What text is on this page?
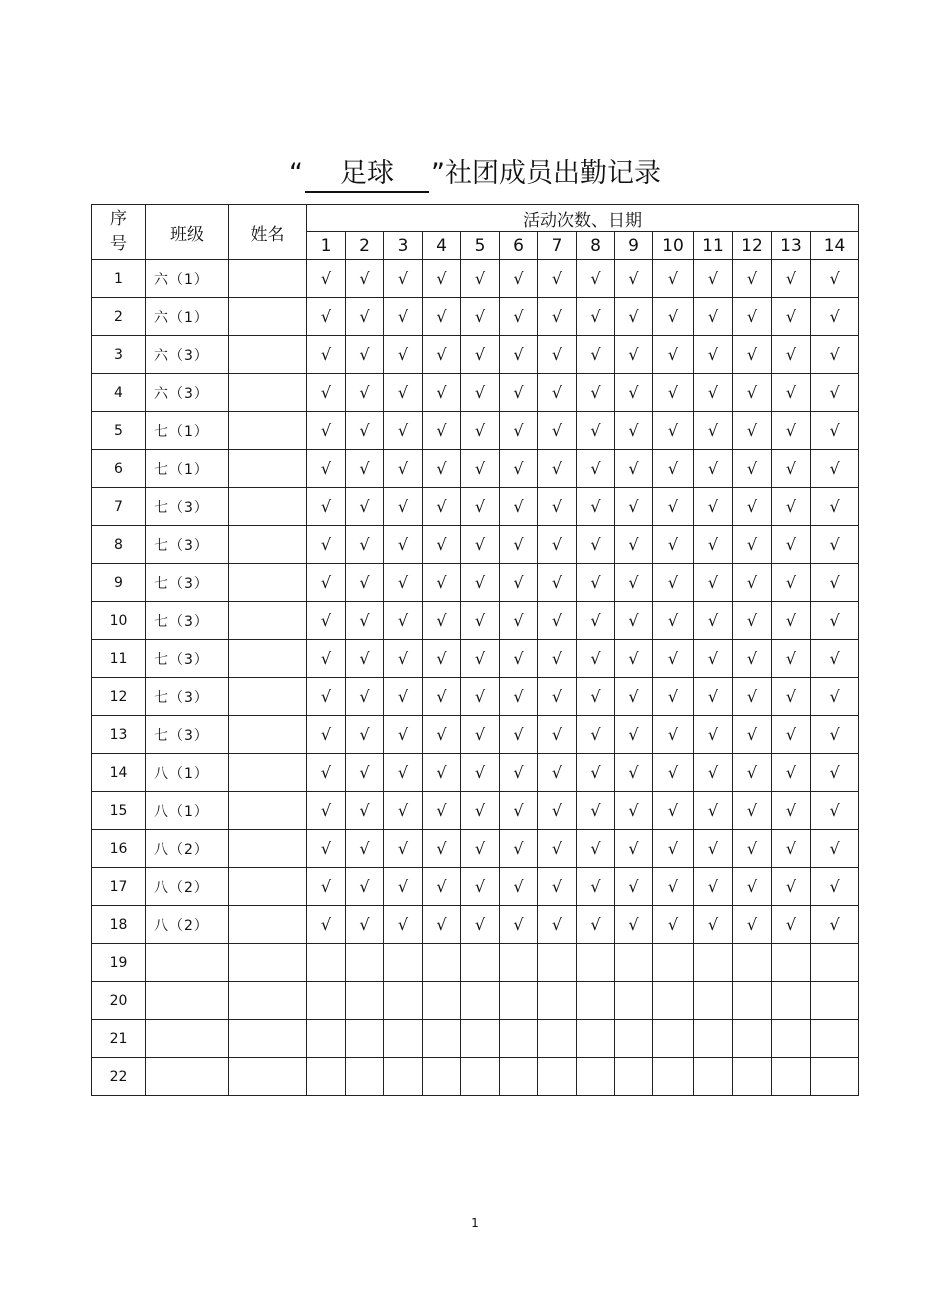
“ 足球 ”社团成员出勤记录
序
号	班级	姓名	活动次数、日期													
			1	2	3	4	5	6	7	8	9	10	11	12	13	14
1	六（1）		√	√	√	√	√	√	√	√	√	√	√	√	√	√
2	六（1）		√	√	√	√	√	√	√	√	√	√	√	√	√	√
3	六（3）		√	√	√	√	√	√	√	√	√	√	√	√	√	√
4	六（3）		√	√	√	√	√	√	√	√	√	√	√	√	√	√
5	七（1）		√	√	√	√	√	√	√	√	√	√	√	√	√	√
6	七（1）		√	√	√	√	√	√	√	√	√	√	√	√	√	√
7	七（3）		√	√	√	√	√	√	√	√	√	√	√	√	√	√
8	七（3）		√	√	√	√	√	√	√	√	√	√	√	√	√	√
9	七（3）		√	√	√	√	√	√	√	√	√	√	√	√	√	√
10	七（3）		√	√	√	√	√	√	√	√	√	√	√	√	√	√
11	七（3）		√	√	√	√	√	√	√	√	√	√	√	√	√	√
12	七（3）		√	√	√	√	√	√	√	√	√	√	√	√	√	√
13	七（3）		√	√	√	√	√	√	√	√	√	√	√	√	√	√
14	八（1）		√	√	√	√	√	√	√	√	√	√	√	√	√	√
15	八（1）		√	√	√	√	√	√	√	√	√	√	√	√	√	√
16	八（2）		√	√	√	√	√	√	√	√	√	√	√	√	√	√
17	八（2）		√	√	√	√	√	√	√	√	√	√	√	√	√	√
18	八（2）		√	√	√	√	√	√	√	√	√	√	√	√	√	√
19																
20																
21																
22																
1
